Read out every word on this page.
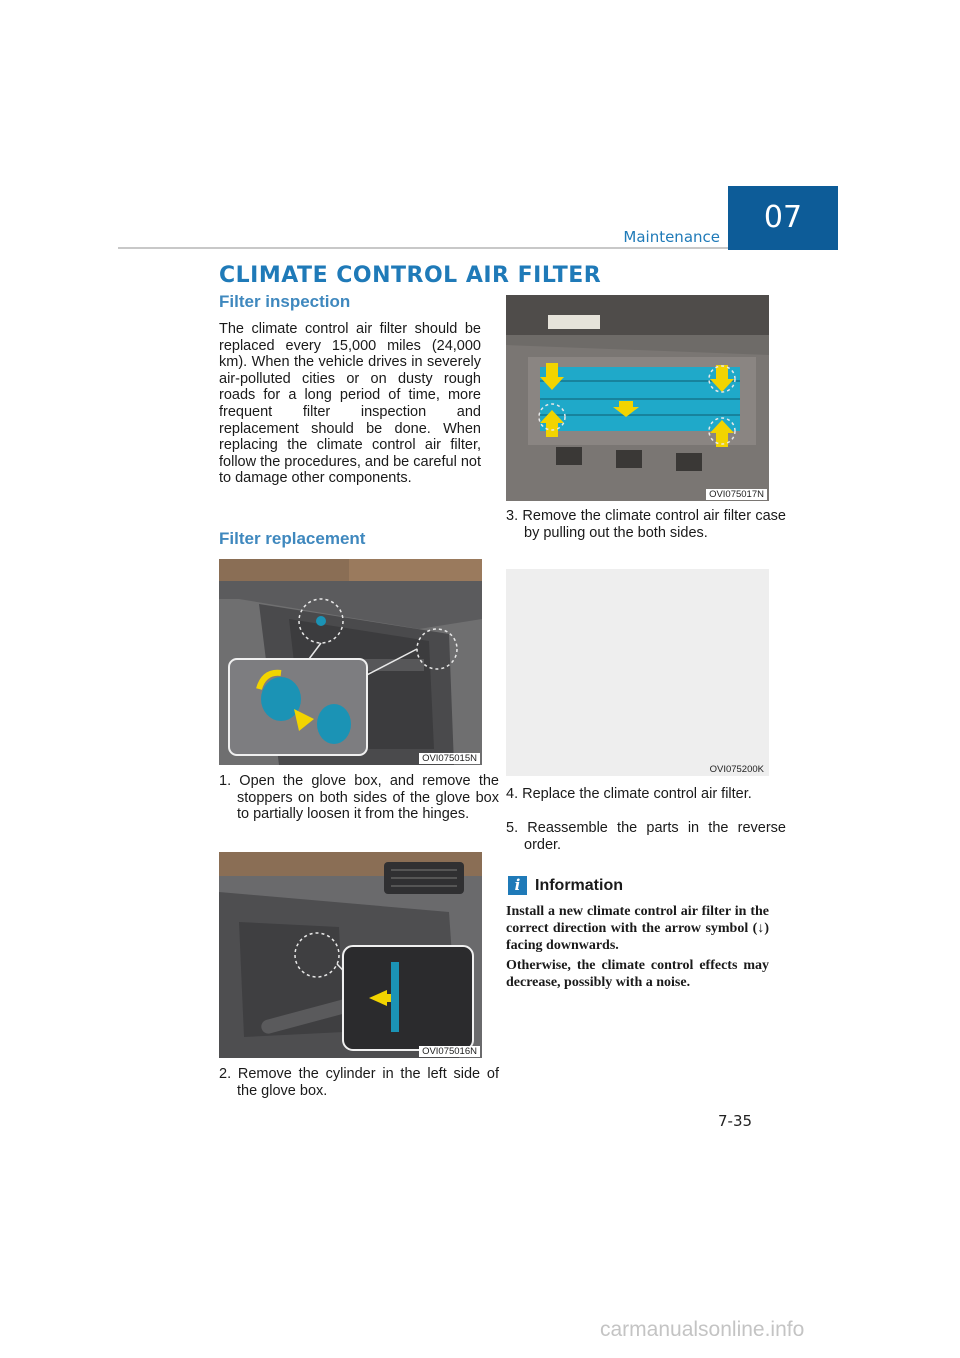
Maintenance
07
CLIMATE CONTROL AIR FILTER
Filter inspection
The climate control air filter should be replaced every 15,000 miles (24,000 km). When the vehicle drives in severely air-polluted cities or on dusty rough roads for a long period of time, more frequent filter inspection and replacement should be done. When replacing the climate control air filter, follow the procedures, and be careful not to damage other components.
Filter replacement
OVI075015N
1. Open the glove box, and remove the stoppers on both sides of the glove box to partially loosen it from the hinges.
OVI075016N
2. Remove the cylinder in the left side of the glove box.
OVI075017N
3. Remove the climate control air filter case by pulling out the both sides.
OVI075200K
4. Replace the climate control air filter.
5. Reassemble the parts in the reverse order.
i Information
Install a new climate control air filter in the correct direction with the arrow symbol (↓) facing downwards.
Otherwise, the climate control effects may decrease, possibly with a noise.
7-35
carmanualsonline.info
